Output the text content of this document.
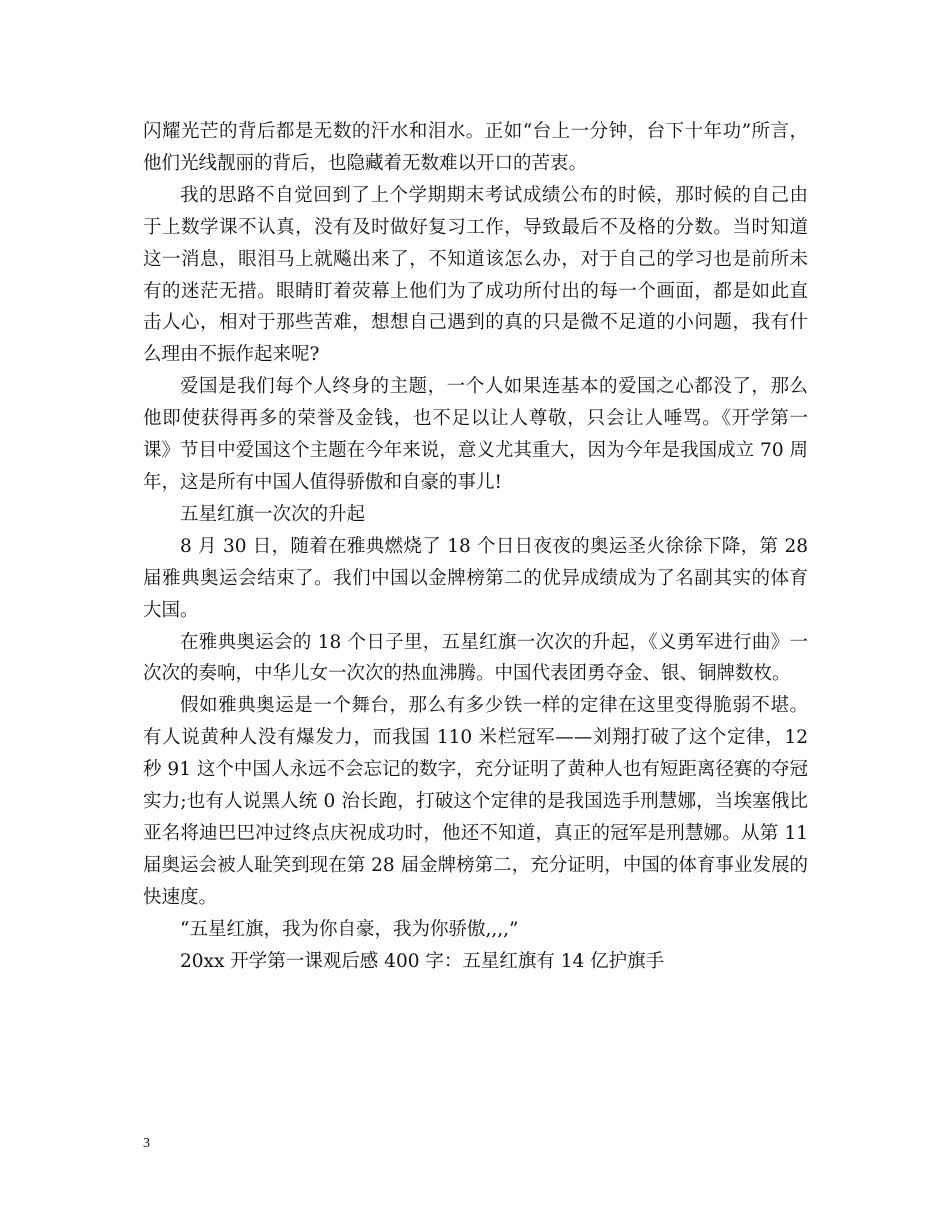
闪耀光芒的背后都是无数的汗水和泪水。正如“台上一分钟，台下十年功”所言，他们光线靓丽的背后，也隐藏着无数难以开口的苦衷。

我的思路不自觉回到了上个学期期末考试成绩公布的时候，那时候的自己由于上数学课不认真，没有及时做好复习工作，导致最后不及格的分数。当时知道这一消息，眼泪马上就飚出来了，不知道该怎么办，对于自己的学习也是前所未有的迷茫无措。眼睛盯着荧幕上他们为了成功所付出的每一个画面，都是如此直击人心，相对于那些苦难，想想自己遇到的真的只是微不足道的小问题，我有什么理由不振作起来呢?

爱国是我们每个人终身的主题，一个人如果连基本的爱国之心都没了，那么他即使获得再多的荣誉及金钱，也不足以让人尊敬，只会让人唾骂。《开学第一课》节目中爱国这个主题在今年来说，意义尤其重大，因为今年是我国成立 70 周年，这是所有中国人值得骄傲和自豪的事儿!

五星红旗一次次的升起

8 月 30 日，随着在雅典燃烧了 18 个日日夜夜的奥运圣火徐徐下降，第 28 届雅典奥运会结束了。我们中国以金牌榜第二的优异成绩成为了名副其实的体育大国。

在雅典奥运会的 18 个日子里，五星红旗一次次的升起，《义勇军进行曲》一次次的奏响，中华儿女一次次的热血沸腾。中国代表团勇夺金、银、铜牌数枚。

假如雅典奥运是一个舞台，那么有多少铁一样的定律在这里变得脆弱不堪。有人说黄种人没有爆发力，而我国 110 米栏冠军——刘翔打破了这个定律，12 秒 91 这个中国人永远不会忘记的数字，充分证明了黄种人也有短距离径赛的夺冠实力;也有人说黑人统 0 治长跑，打破这个定律的是我国选手刑慧娜，当埃塞俄比亚名将迪巴巴冲过终点庆祝成功时，他还不知道，真正的冠军是刑慧娜。从第 11 届奥运会被人耻笑到现在第 28 届金牌榜第二，充分证明，中国的体育事业发展的快速度。

“五星红旗，我为你自豪，我为你骄傲,,,,”

20xx 开学第一课观后感 400 字：五星红旗有 14 亿护旗手

3
